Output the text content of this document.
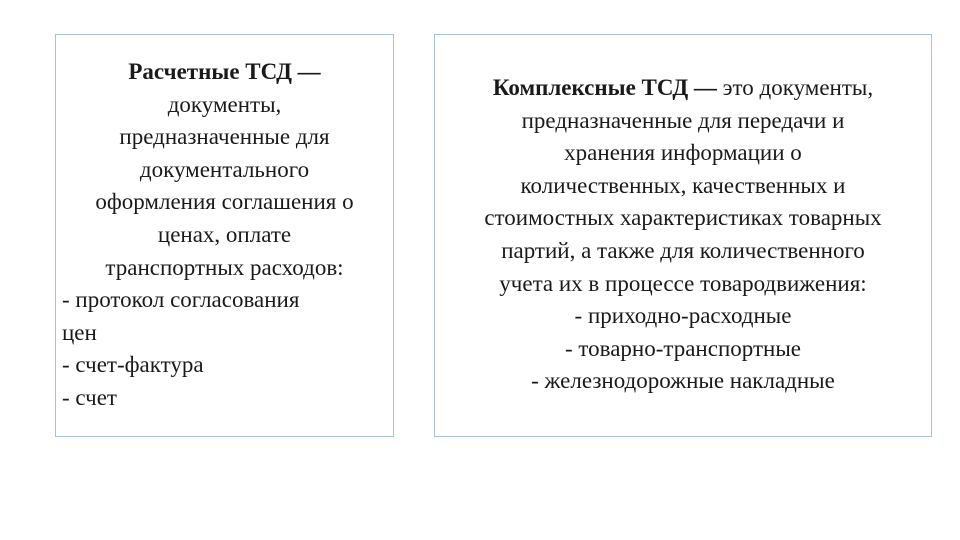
Расчетные ТСД —

документы,

предназначенные для

документального

оформления соглашения о

ценах, оплате

транспортных расходов:

- протокол согласования

цен

- счет-фактура

- счет

Комплексные ТСД — это документы,

предназначенные для передачи и

хранения информации о

количественных, качественных и

стоимостных характеристиках товарных

партий, а также для количественного

учета их в процессе товародвижения:

- приходно-расходные

- товарно-транспортные

- железнодорожные накладные
